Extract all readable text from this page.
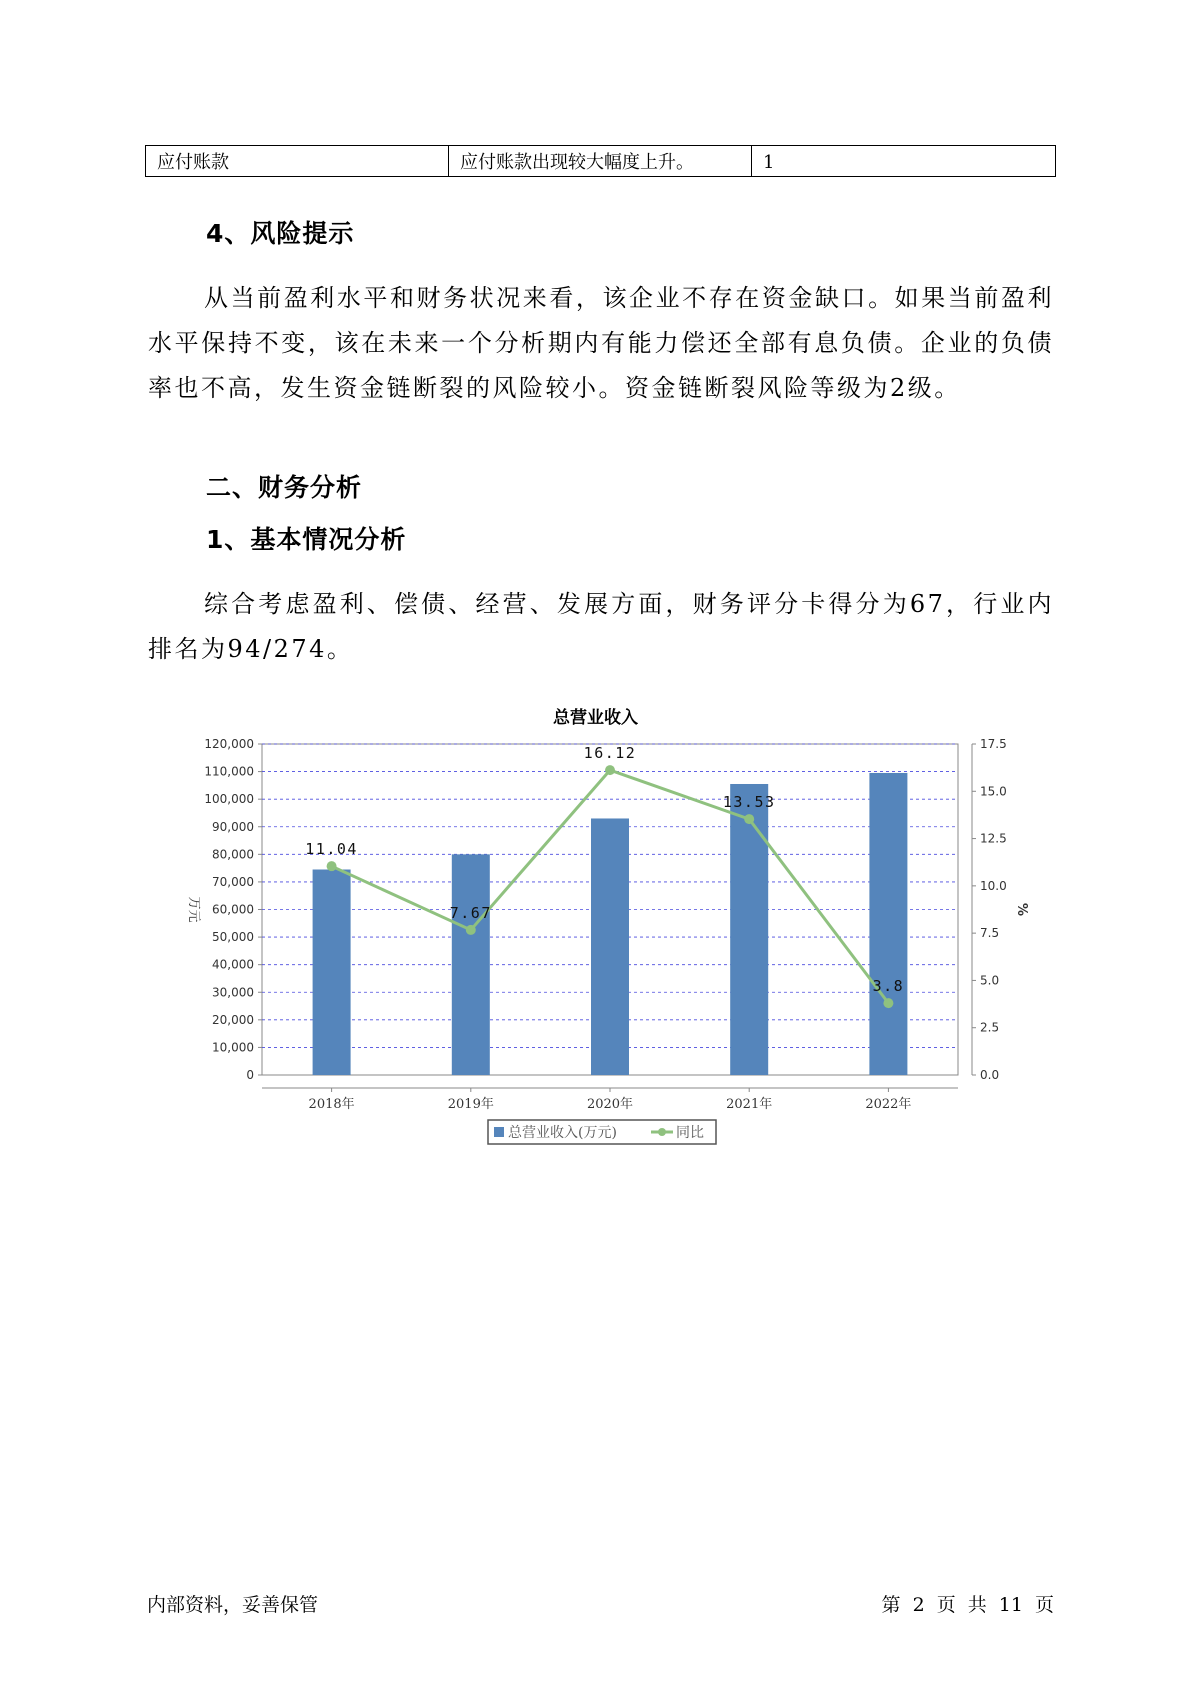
应付账款	应付账款出现较大幅度上升。	1
4、风险提示

从当前盈利水平和财务状况来看，该企业不存在资金缺口。如果当前盈利水平保持不变，该在未来一个分析期内有能力偿还全部有息负债。企业的负债率也不高，发生资金链断裂的风险较小。资金链断裂风险等级为2级。

二、财务分析
1、基本情况分析

综合考虑盈利、偿债、经营、发展方面，财务评分卡得分为67，行业内排名为94/274。

总营业收入
0
10,000
20,000
30,000
40,000
50,000
60,000
70,000
80,000
90,000
100,000
110,000
120,000
0.0
2.5
5.0
7.5
10.0
12.5
15.0
17.5
万元	%
2018年	2019年	2020年	2021年	2022年
11.04
7.67
16.12
13.53
3.8
总营业收入(万元)	同比
内部资料，妥善保管	第 2 页 共 11 页
